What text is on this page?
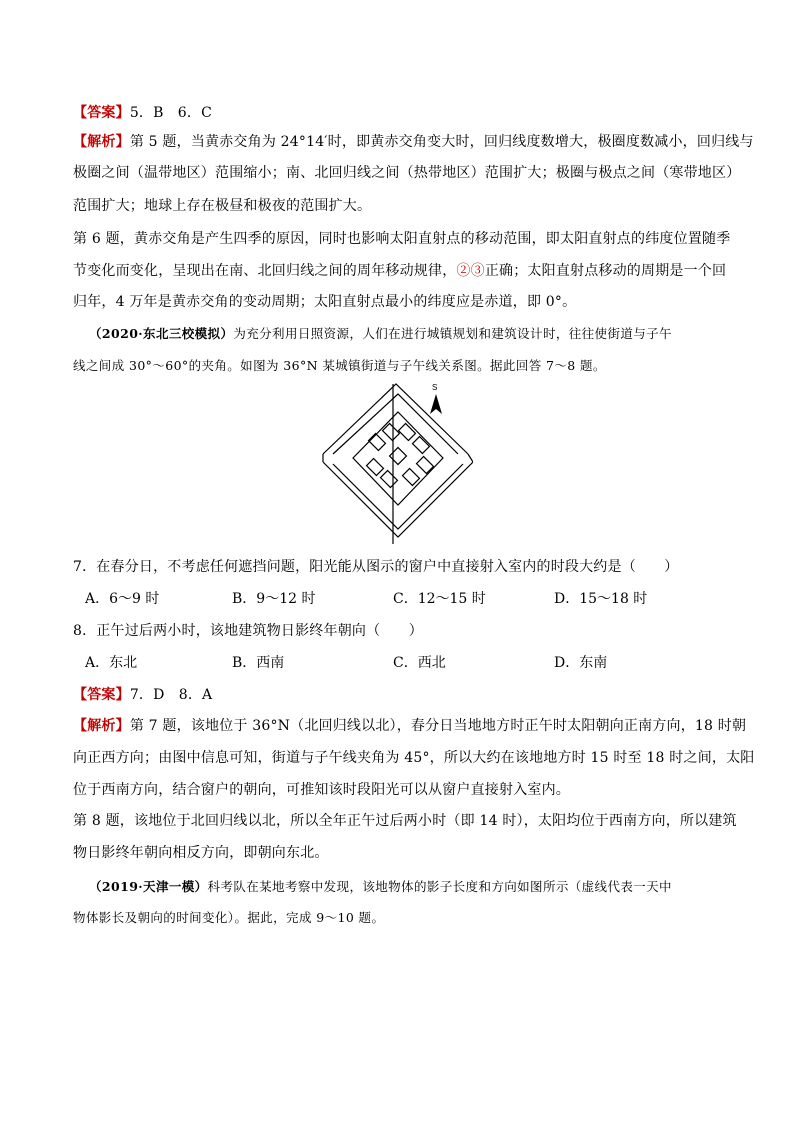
【答案】5．B　6．C
【解析】第 5 题，当黄赤交角为 24°14′时，即黄赤交角变大时，回归线度数增大，极圈度数减小，回归线与
极圈之间（温带地区）范围缩小；南、北回归线之间（热带地区）范围扩大；极圈与极点之间（寒带地区）
范围扩大；地球上存在极昼和极夜的范围扩大。
第 6 题，黄赤交角是产生四季的原因，同时也影响太阳直射点的移动范围，即太阳直射点的纬度位置随季
节变化而变化，呈现出在南、北回归线之间的周年移动规律，②③正确；太阳直射点移动的周期是一个回
归年，4 万年是黄赤交角的变动周期；太阳直射点最小的纬度应是赤道，即 0°。
（2020·东北三校模拟）为充分利用日照资源，人们在进行城镇规划和建筑设计时，往往使街道与子午
线之间成 30°～60°的夹角。如图为 36°N 某城镇街道与子午线关系图。据此回答 7～8 题。
S
7．在春分日，不考虑任何遮挡问题，阳光能从图示的窗户中直接射入室内的时段大约是（　　）
A．6～9 时	B．9～12 时	C．12～15 时	D．15～18 时
8．正午过后两小时，该地建筑物日影终年朝向（　　）
A．东北	B．西南	C．西北	D．东南
【答案】7．D　8．A
【解析】第 7 题，该地位于 36°N（北回归线以北），春分日当地地方时正午时太阳朝向正南方向，18 时朝
向正西方向；由图中信息可知，街道与子午线夹角为 45°，所以大约在该地地方时 15 时至 18 时之间，太阳
位于西南方向，结合窗户的朝向，可推知该时段阳光可以从窗户直接射入室内。
第 8 题，该地位于北回归线以北，所以全年正午过后两小时（即 14 时），太阳均位于西南方向，所以建筑
物日影终年朝向相反方向，即朝向东北。
（2019·天津一模）科考队在某地考察中发现，该地物体的影子长度和方向如图所示（虚线代表一天中
物体影长及朝向的时间变化）。据此，完成 9～10 题。
